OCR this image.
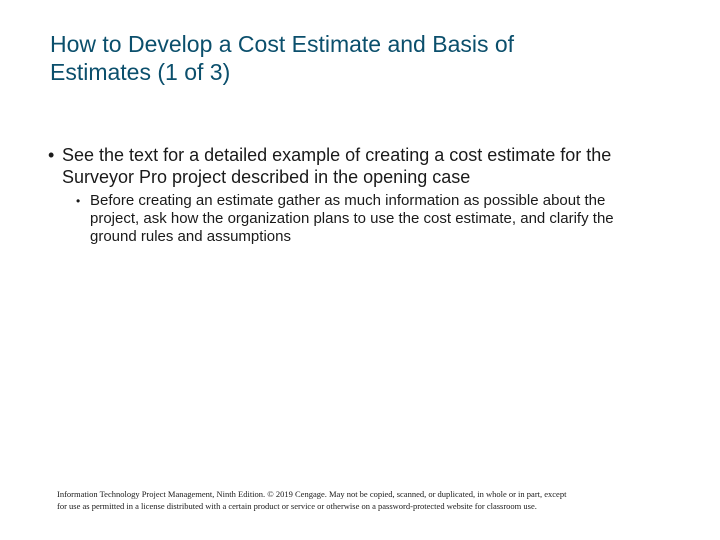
How to Develop a Cost Estimate and Basis of
Estimates (1 of 3)
• See the text for a detailed example of creating a cost estimate for the Surveyor Pro project described in the opening case
• Before creating an estimate gather as much information as possible about the project, ask how the organization plans to use the cost estimate, and clarify the ground rules and assumptions
Information Technology Project Management, Ninth Edition. © 2019 Cengage. May not be copied, scanned, or duplicated, in whole or in part, except
for use as permitted in a license distributed with a certain product or service or otherwise on a password-protected website for classroom use.
